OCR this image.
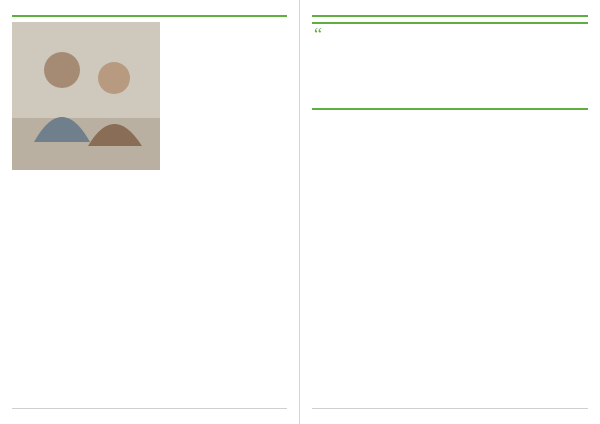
“
